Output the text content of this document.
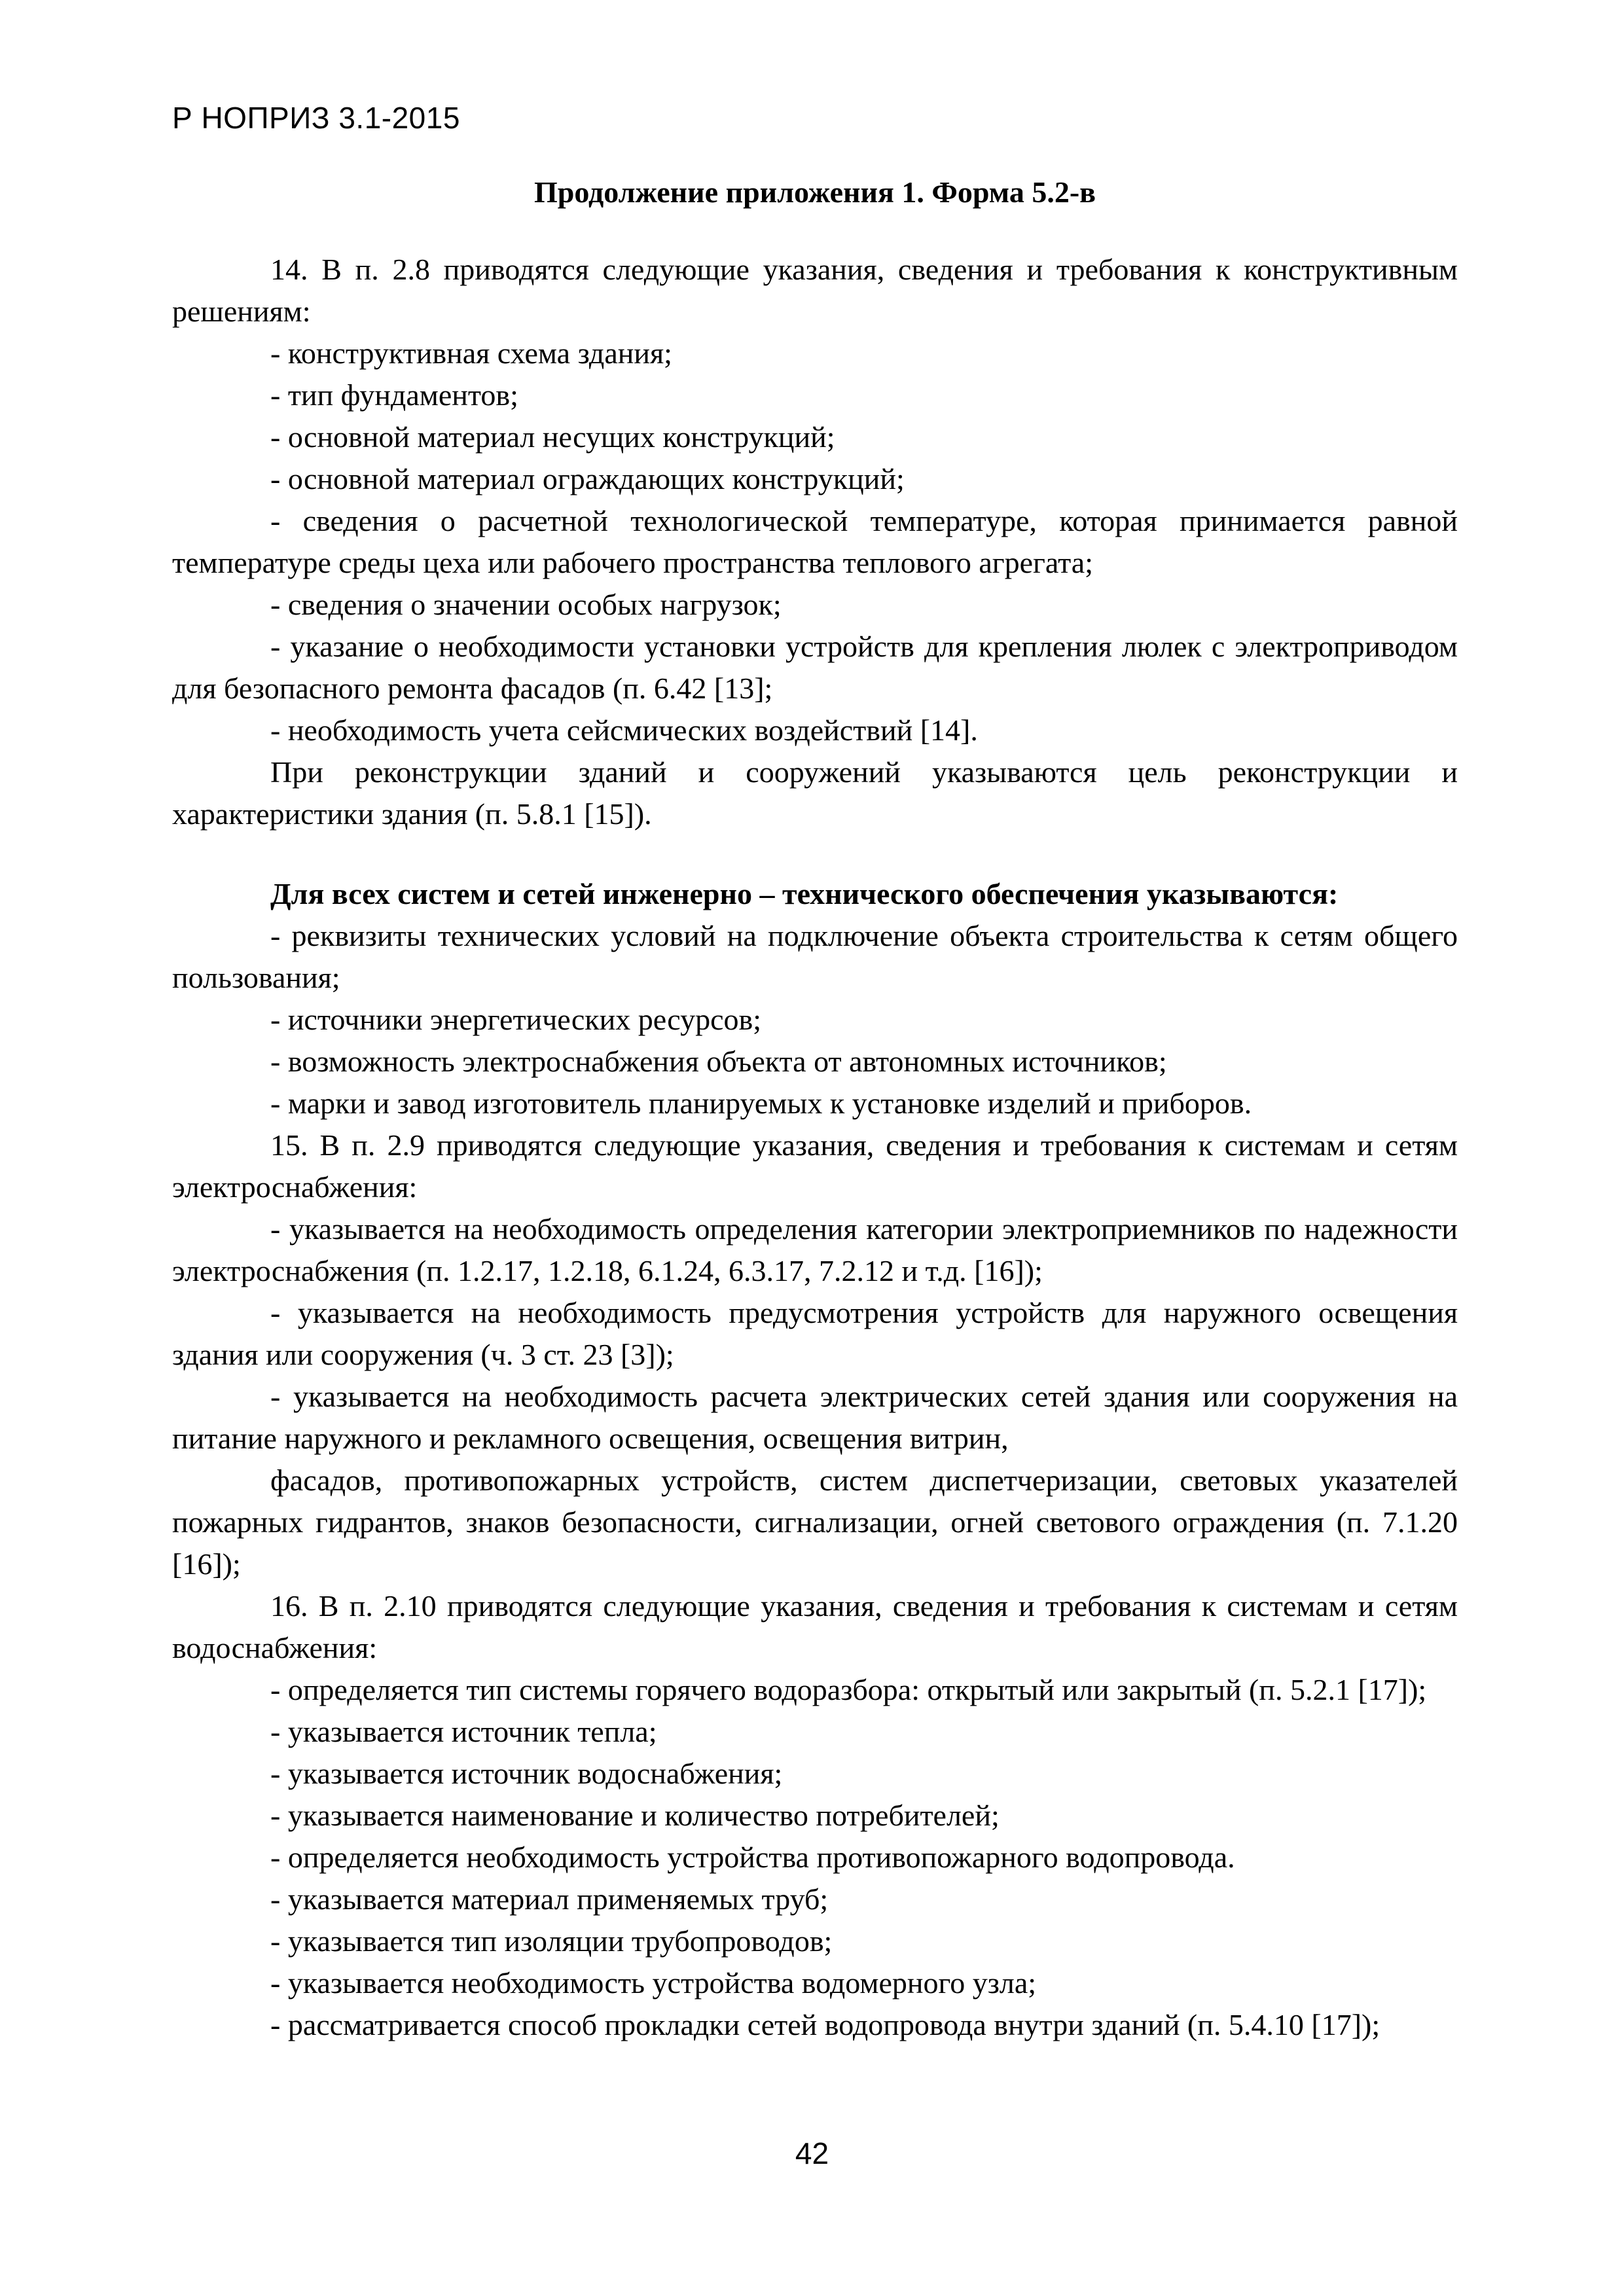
Р НОПРИЗ 3.1-2015
Продолжение приложения 1. Форма 5.2-в

14. В п. 2.8 приводятся следующие указания, сведения и требования к конструктивным решениям:

- конструктивная схема здания;

- тип фундаментов;

- основной материал несущих конструкций;

- основной материал ограждающих конструкций;

- сведения о расчетной технологической температуре, которая принимается равной температуре среды цеха или рабочего пространства теплового агрегата;

- сведения о значении особых нагрузок;

- указание о необходимости установки устройств для крепления люлек с электроприводом для безопасного ремонта фасадов (п. 6.42 [13];

- необходимость учета сейсмических воздействий [14].

При реконструкции зданий и сооружений указываются цель реконструкции и характеристики здания (п. 5.8.1 [15]).

Для всех систем и сетей инженерно – технического обеспечения указываются:

- реквизиты технических условий на подключение объекта строительства к сетям общего пользования;

- источники энергетических ресурсов;

- возможность электроснабжения объекта от автономных источников;

- марки и завод изготовитель планируемых к установке изделий и приборов.

15. В п. 2.9 приводятся следующие указания, сведения и требования к системам и сетям электроснабжения:

- указывается на необходимость определения категории электроприемников по надежности электроснабжения (п. 1.2.17, 1.2.18, 6.1.24, 6.3.17, 7.2.12 и т.д. [16]);

- указывается на необходимость предусмотрения устройств для наружного освещения здания или сооружения (ч. 3 ст. 23 [3]);

- указывается на необходимость расчета электрических сетей здания или сооружения на питание наружного и рекламного освещения, освещения витрин,

фасадов, противопожарных устройств, систем диспетчеризации, световых указателей пожарных гидрантов, знаков безопасности, сигнализации, огней светового ограждения (п. 7.1.20 [16]);

16. В п. 2.10 приводятся следующие указания, сведения и требования к системам и сетям водоснабжения:

- определяется тип системы горячего водоразбора: открытый или закрытый (п. 5.2.1 [17]);

- указывается источник тепла;

- указывается источник водоснабжения;

- указывается наименование и количество потребителей;

- определяется необходимость устройства противопожарного водопровода.

- указывается материал применяемых труб;

- указывается тип изоляции трубопроводов;

- указывается необходимость устройства водомерного узла;

- рассматривается способ прокладки сетей водопровода внутри зданий (п. 5.4.10 [17]);

42
